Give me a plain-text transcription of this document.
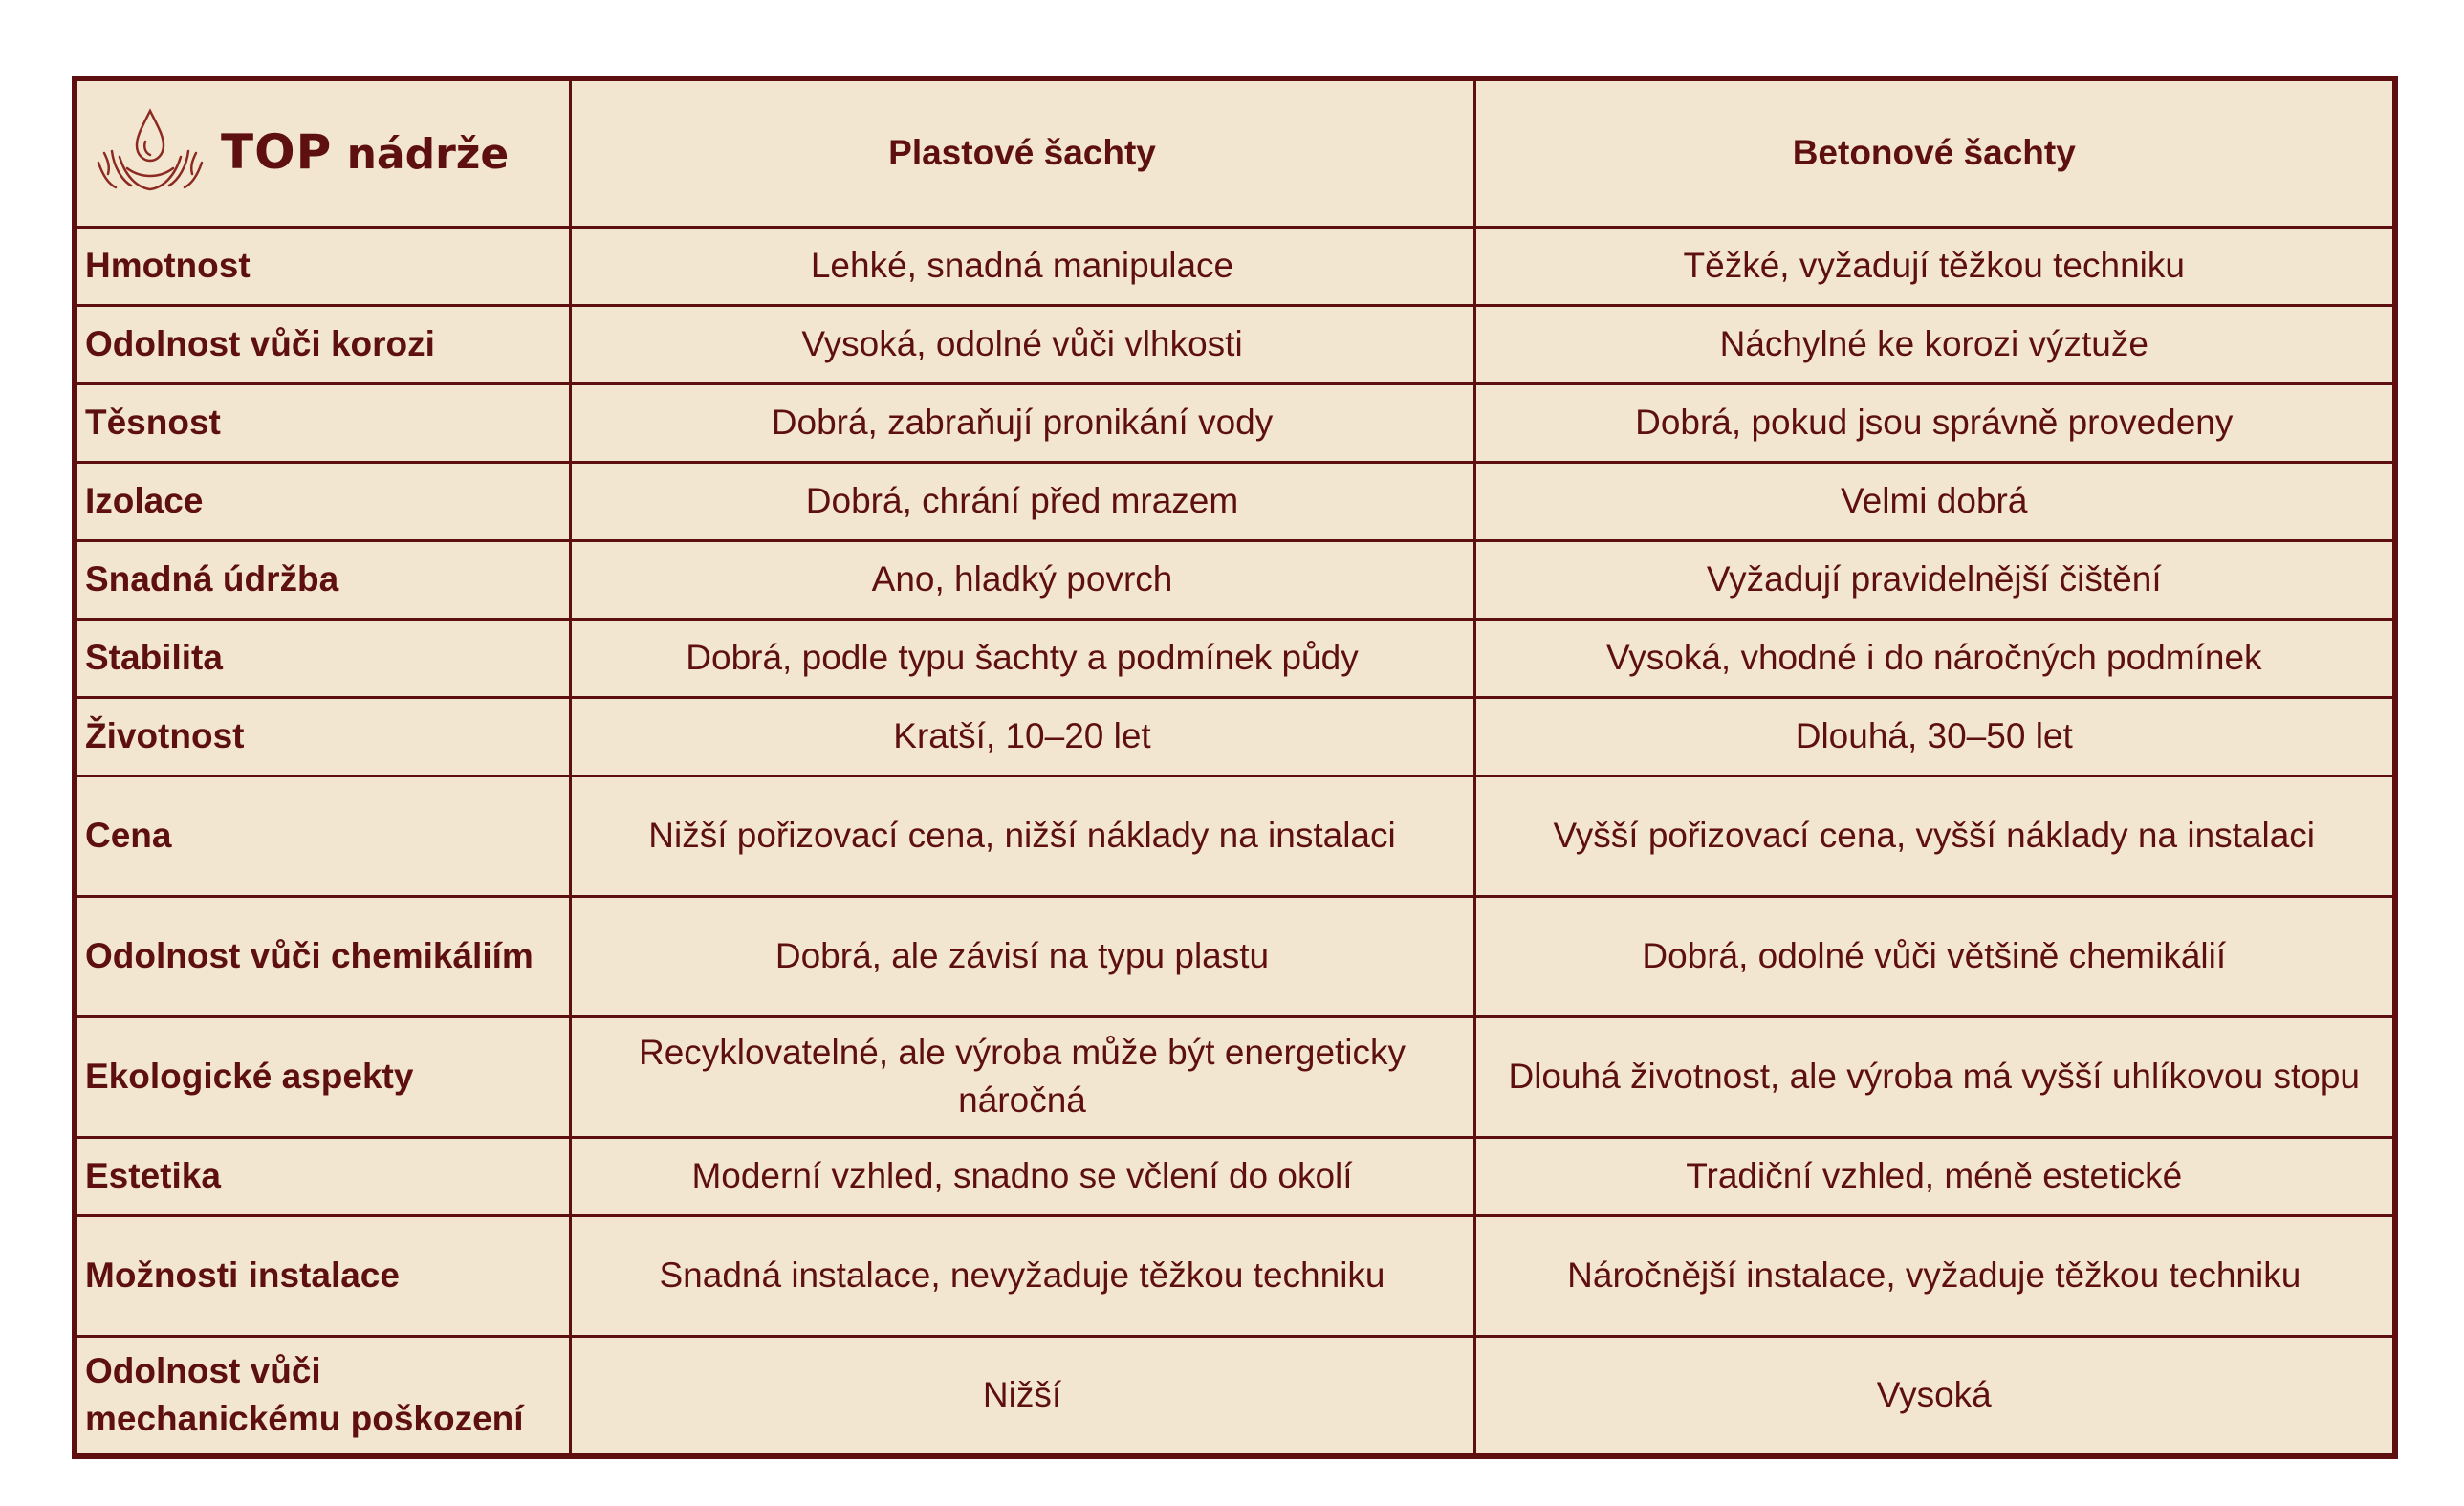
TOP nádrže	Plastové šachty	Betonové šachty
Hmotnost	Lehké, snadná manipulace	Těžké, vyžadují těžkou techniku
Odolnost vůči korozi	Vysoká, odolné vůči vlhkosti	Náchylné ke korozi výztuže
Těsnost	Dobrá, zabraňují pronikání vody	Dobrá, pokud jsou správně provedeny
Izolace	Dobrá, chrání před mrazem	Velmi dobrá
Snadná údržba	Ano, hladký povrch	Vyžadují pravidelnější čištění
Stabilita	Dobrá, podle typu šachty a podmínek půdy	Vysoká, vhodné i do náročných podmínek
Životnost	Kratší, 10–20 let	Dlouhá, 30–50 let
Cena	Nižší pořizovací cena, nižší náklady na instalaci	Vyšší pořizovací cena, vyšší náklady na instalaci
Odolnost vůči chemikáliím	Dobrá, ale závisí na typu plastu	Dobrá, odolné vůči většině chemikálií
Ekologické aspekty	Recyklovatelné, ale výroba může být energeticky náročná	Dlouhá životnost, ale výroba má vyšší uhlíkovou stopu
Estetika	Moderní vzhled, snadno se včlení do okolí	Tradiční vzhled, méně estetické
Možnosti instalace	Snadná instalace, nevyžaduje těžkou techniku	Náročnější instalace, vyžaduje těžkou techniku
Odolnost vůči mechanickému poškození	Nižší	Vysoká
